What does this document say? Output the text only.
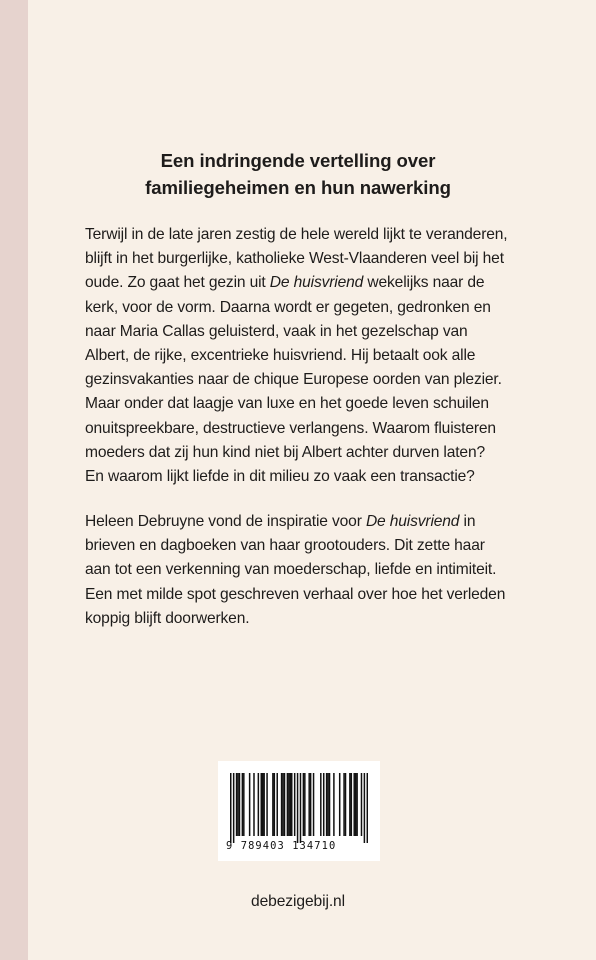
Een indringende vertelling over
familiegeheimen en hun nawerking

Terwijl in de late jaren zestig de hele wereld lijkt te veranderen,
blijft in het burgerlijke, katholieke West-Vlaanderen veel bij het
oude. Zo gaat het gezin uit De huisvriend wekelijks naar de
kerk, voor de vorm. Daarna wordt er gegeten, gedronken en
naar Maria Callas geluisterd, vaak in het gezelschap van
Albert, de rijke, excentrieke huisvriend. Hij betaalt ook alle
gezinsvakanties naar de chique Europese oorden van plezier.
Maar onder dat laagje van luxe en het goede leven schuilen
onuitspreekbare, destructieve verlangens. Waarom fluisteren
moeders dat zij hun kind niet bij Albert achter durven laten?
En waarom lijkt liefde in dit milieu zo vaak een transactie?

Heleen Debruyne vond de inspiratie voor De huisvriend in
brieven en dagboeken van haar grootouders. Dit zette haar
aan tot een verkenning van moederschap, liefde en intimiteit.
Een met milde spot geschreven verhaal over hoe het verleden
koppig blijft doorwerken.

9 789403 134710
debezigebij.nl
